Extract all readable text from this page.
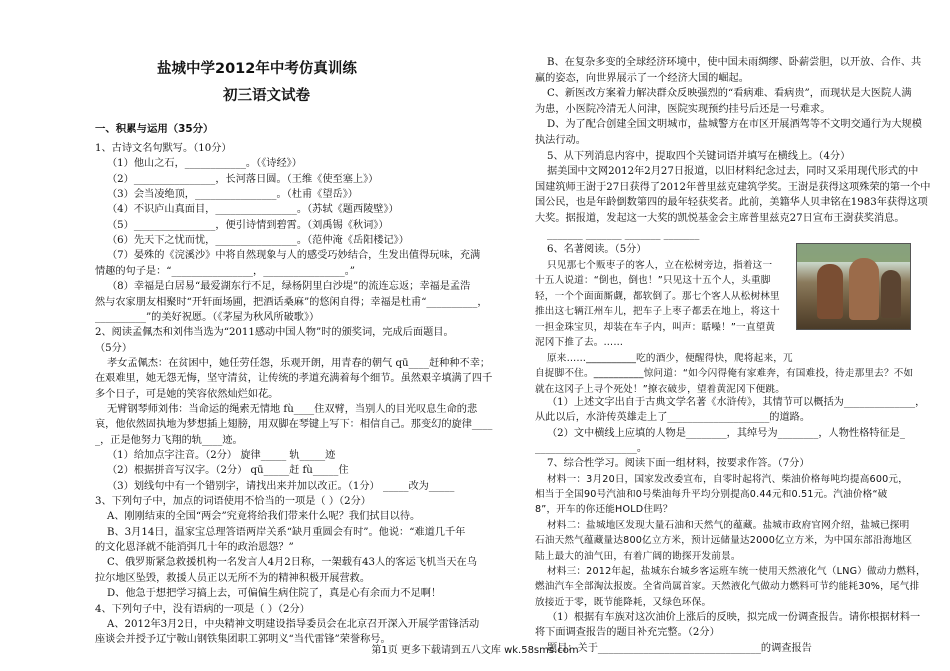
盐城中学2012年中考仿真训练
初三语文试卷
一、积累与运用（35分）
1、古诗文名句默写。（10分）
（1）他山之石，____________。（《诗经》）
（2）________________，长河落日圆。（王维《使至塞上》）
（3）会当凌绝顶，________________。（杜甫《望岳》）
（4）不识庐山真面目，________________。（苏轼《题西陵壁》）
（5）________________，便引诗情到碧霄。（刘禹锡《秋词》）
（6）先天下之忧而忧，________________。（范仲淹《岳阳楼记》）
（7）晏殊的《浣溪沙》中将自然现象与人的感受巧妙结合，生发出值得玩味，充满
情趣的句子是：“________________，________________。”
（8）幸福是白居易“最爱湖东行不足，绿杨阴里白沙堤”的流连忘返；幸福是孟浩
然与农家朋友相聚时“开轩面场圃，把酒话桑麻”的悠闲自得；幸福是杜甫“__________，
__________”的美好祝愿。（《茅屋为秋风所破歌》）
2、阅读孟佩杰和刘伟当选为“2011感动中国人物”时的颁奖词，完成后面题目。
（5分）
孝女孟佩杰：在贫困中，她任劳任怨，乐观开朗，用青春的朝气 qū____赶种种不幸；
在艰难里，她无怨无悔，坚守清贫，让传统的孝道充满着每个细节。虽然艰辛填满了四千
多个日子，可是她的笑容依然灿烂如花。
无臂钢琴师刘伟：当命运的绳索无情地 fù____住双臂，当别人的目光叹息生命的悲
哀，他依然固执地为梦想插上翅膀，用双脚在琴键上写下：相信自己。那变幻的旋律____
_，正是他努力飞翔的轨____迹。
（1）给加点字注音。（2分） 旋律_____ 轨_____迹
（2）根据拼音写汉字。（2分） qū_____赶 fù_____住
（3）划线句中有一个错别字，请找出来并加以改正。（1分） _____改为_____
3、下列句子中，加点的词语使用不恰当的一项是（ ）（2分）
A、刚刚结束的全国“两会”究竟将给我们带来什么呢？我们拭目以待。
B、3月14日，温家宝总理答语两岸关系“缺月重圆会有时”。他说：“难道几千年
的文化恩泽就不能消弭几十年的政治恩怨？”
C、俄罗斯紧急救援机构一名发言人4月2日称，一架载有43人的客运飞机当天在乌
拉尔地区坠毁，救援人员正以无所不为的精神积极开展营救。
D、他急于想把学习搞上去，可偏偏生病住院了，真是心有余而力不足啊！
4、下列句子中，没有语病的一项是（ ）（2分）
A、2012年3月2日，中央精神文明建设指导委员会在北京召开深入开展学雷锋活动
座谈会并授予辽宁鞍山钢铁集团职工郭明义“当代雷锋”荣誉称号。
B、在复杂多变的全球经济环境中，使中国未雨绸缪、卧薪尝胆，以开放、合作、共
赢的姿态，向世界展示了一个经济大国的崛起。
C、新医改方案着力解决群众反映强烈的“看病难、看病贵”，而现状是大医院人满
为患，小医院冷清无人问津，医院实现预约挂号后还是一号难求。
D、为了配合创建全国文明城市，盐城警方在市区开展酒驾等不文明交通行为大规模
执法行动。
5、从下列消息内容中，提取四个关键词语并填写在横线上。（4分）
据美国中文网2012年2月27日报道，以旧材料纪念过去，同时又采用现代形式的中
国建筑师王澍于27日获得了2012年普里兹克建筑学奖。王澍是获得这项殊荣的第一个中
国公民，也是年龄倒数第四的最年轻获奖者。此前，美籍华人贝聿铭在1983年获得这项
大奖。据报道，发起这一大奖的凯悦基金会主席普里兹克27日宣布王澍获奖消息。
_______ _______ _______ _______
6、名著阅读。（5分）
只见那七个贩枣子的客人，立在松树旁边，指着这一
十五人说道：“倒也，倒也！”只见这十五个人，头重脚
轻，一个个面面厮觑，都软倒了。那七个客人从松树林里
推出这七辆江州车儿，把车子上枣子都丢在地上，将这十
一担金珠宝贝，却装在车子内，叫声：聒噪！”一直望黄
泥冈下推了去。……
原来……__________吃的酒少，便醒得快，爬将起来，兀
自捉脚不住。__________惊问道：“如今闪得俺有家难奔，有国难投，待走那里去？不如
就在这冈子上寻个死处！”撩衣破步，望着黄泥冈下便跳。
（1）上述文字出自于古典文学名著《水浒传》，其情节可以概括为______________，
从此以后，水浒传英雄走上了____________________的道路。
（2）文中横线上应填的人物是________，其绰号为________，人物性格特征是_
____________________。
7、综合性学习。阅读下面一组材料，按要求作答。（7分）
材料一：3月20日，国家发改委宣布，自零时起将汽、柴油价格每吨均提高600元，
相当于全国90号汽油和0号柴油每升平均分别提高0.44元和0.51元。汽油价格“破
8”，开车的你还能HOLD住吗？
材料二：盐城地区发现大量石油和天然气的蕴藏。盐城市政府官网介绍，盐城已探明
石油天然气蕴藏量达800亿立方米，预计远储量达2000亿立方米，为中国东部沿海地区
陆上最大的油气田，有着广阔的勘探开发前景。
材料三：2012年起，盐城东台城乡客运班车统一使用天然液化气（LNG）做动力燃料，
燃油汽车全部淘汰报废。全省尚属首家。天然液化气做动力燃料可节约能耗30%，尾气排
放接近于零，既节能降耗，又绿色环保。
（1）根据有车族对这次油价上涨后的反映，拟完成一份调查报告。请你根据材料一
将下面调查报告的题目补充完整。（2分）
题目：关于________________________________的调查报告
第1页 更多下载请到五八文库 wk.58sms.com
